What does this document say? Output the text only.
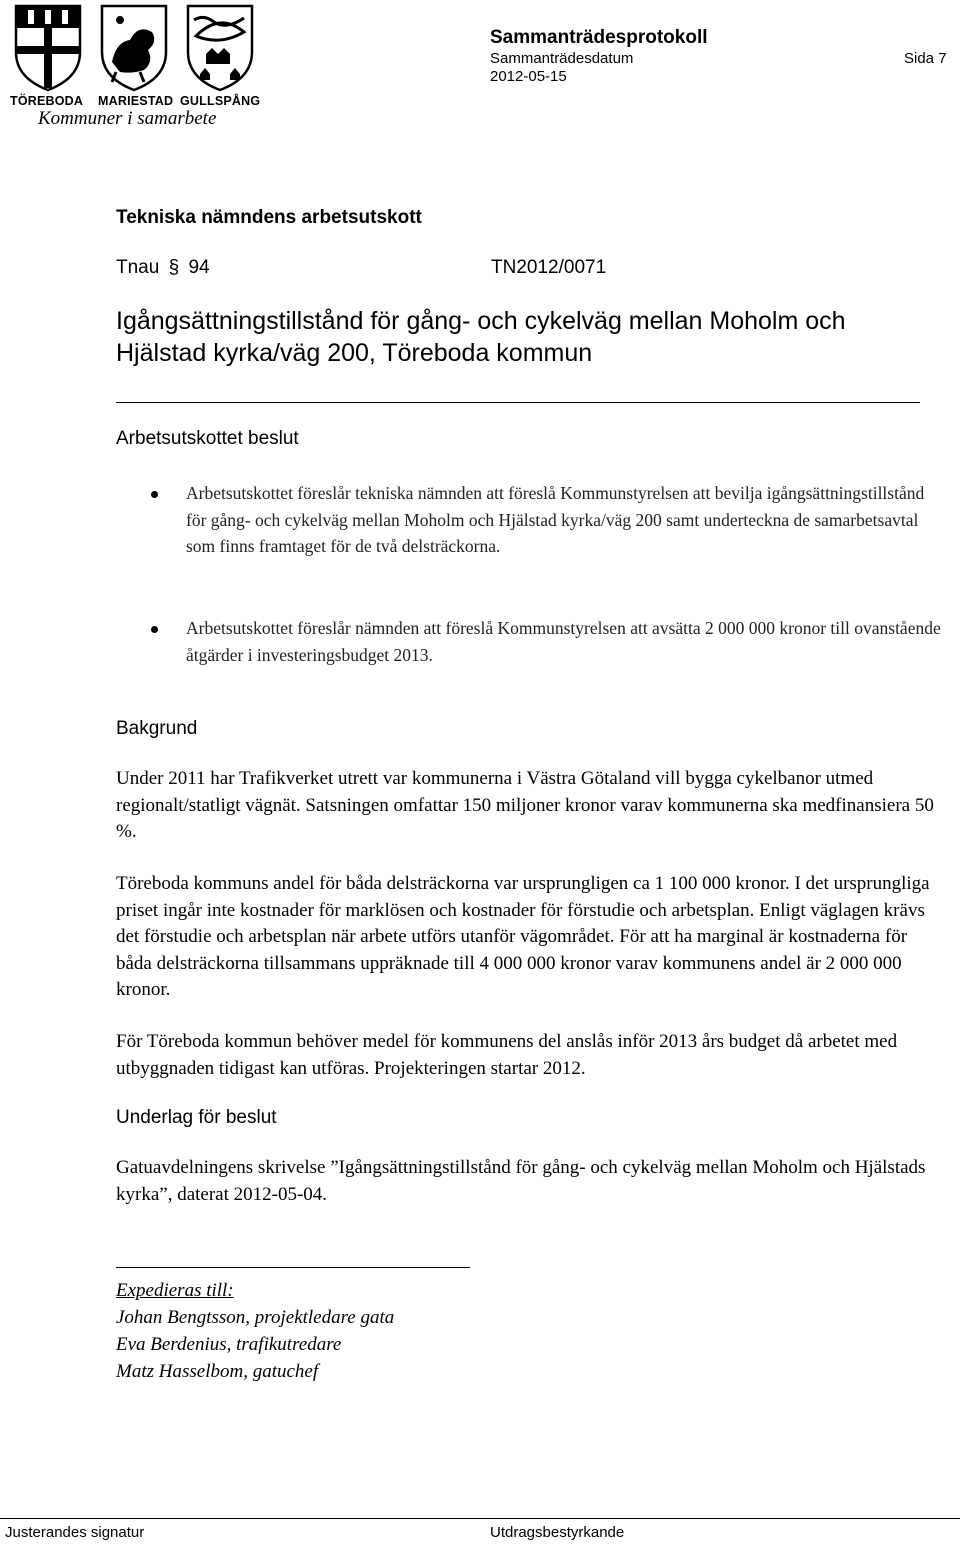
TÖREBODA MARIESTAD GULLSPÅNG
Kommuner i samarbete
Sammanträdesprotokoll
Sammanträdesdatum
2012-05-15
Sida 7
Tekniska nämndens arbetsutskott
Tnau § 94	TN2012/0071
Igångsättningstillstånd för gång- och cykelväg mellan Moholm och Hjälstad kyrka/väg 200, Töreboda kommun
Arbetsutskottet beslut
Arbetsutskottet föreslår tekniska nämnden att föreslå Kommunstyrelsen att bevilja igångsättningstillstånd för gång- och cykelväg mellan Moholm och Hjälstad kyrka/väg 200 samt underteckna de samarbetsavtal som finns framtaget för de två delsträckorna.
Arbetsutskottet föreslår nämnden att föreslå Kommunstyrelsen att avsätta 2 000 000 kronor till ovanstående åtgärder i investeringsbudget 2013.
Bakgrund

Under 2011 har Trafikverket utrett var kommunerna i Västra Götaland vill bygga cykelbanor utmed regionalt/statligt vägnät. Satsningen omfattar 150 miljoner kronor varav kommunerna ska medfinansiera 50 %.

Töreboda kommuns andel för båda delsträckorna var ursprungligen ca 1 100 000 kronor. I det ursprungliga priset ingår inte kostnader för marklösen och kostnader för förstudie och arbetsplan. Enligt väglagen krävs det förstudie och arbetsplan när arbete utförs utanför vägområdet. För att ha marginal är kostnaderna för båda delsträckorna tillsammans uppräknade till 4 000 000 kronor varav kommunens andel är 2 000 000 kronor.

För Töreboda kommun behöver medel för kommunens del anslås inför 2013 års budget då arbetet med utbyggnaden tidigast kan utföras. Projekteringen startar 2012.

Underlag för beslut

Gatuavdelningens skrivelse ”Igångsättningstillstånd för gång- och cykelväg mellan Moholm och Hjälstads kyrka”, daterat 2012-05-04.

Expedieras till:
Johan Bengtsson, projektledare gata
Eva Berdenius, trafikutredare
Matz Hasselbom, gatuchef
Justerandes signatur	Utdragsbestyrkande
